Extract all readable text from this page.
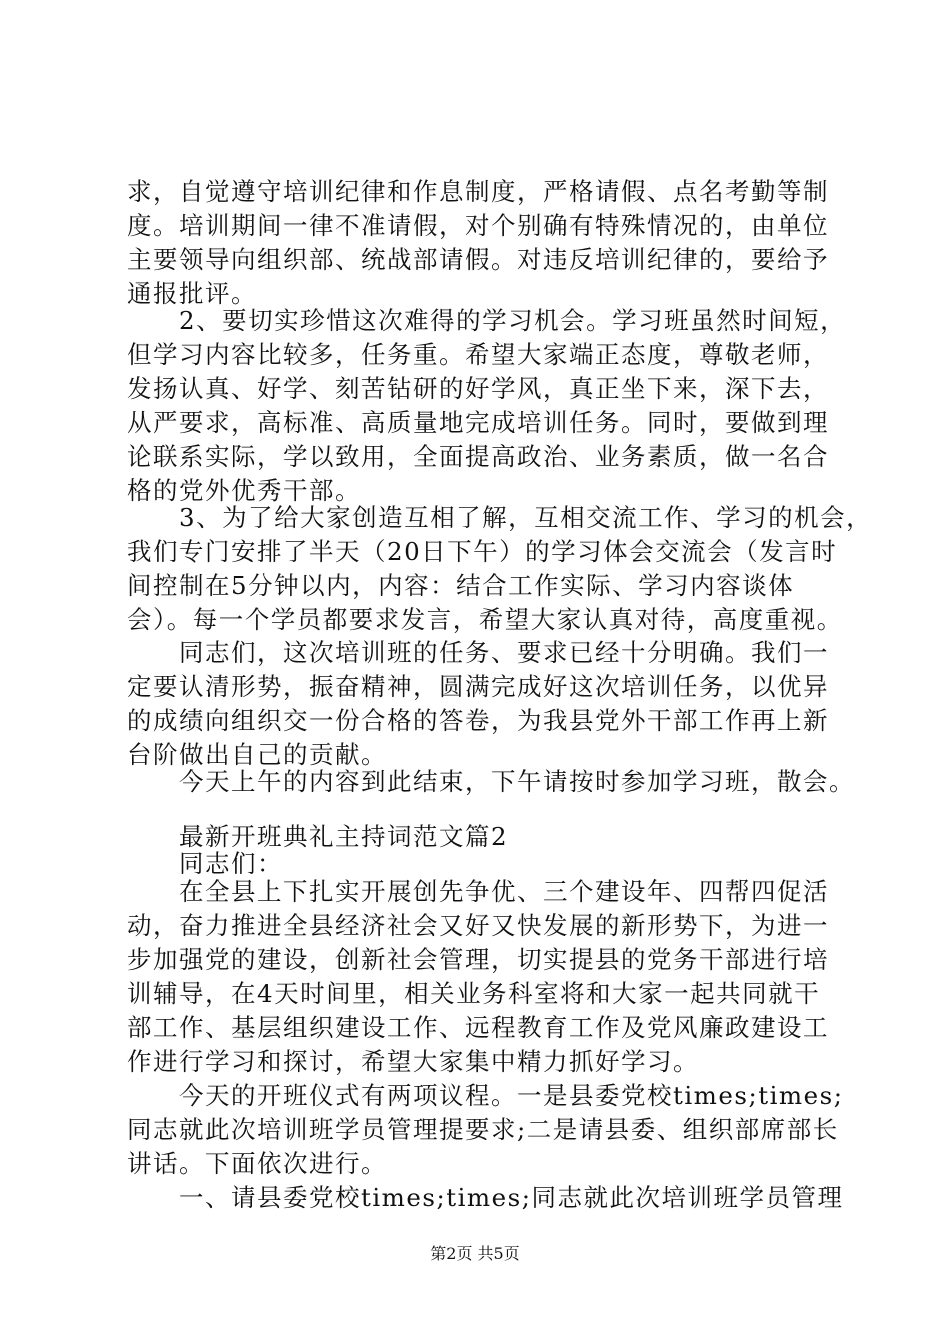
求，自觉遵守培训纪律和作息制度，严格请假、点名考勤等制
度。培训期间一律不准请假，对个别确有特殊情况的，由单位
主要领导向组织部、统战部请假。对违反培训纪律的，要给予
通报批评。
　　2、要切实珍惜这次难得的学习机会。学习班虽然时间短，
但学习内容比较多，任务重。希望大家端正态度，尊敬老师，
发扬认真、好学、刻苦钻研的好学风，真正坐下来，深下去，
从严要求，高标准、高质量地完成培训任务。同时，要做到理
论联系实际，学以致用，全面提高政治、业务素质，做一名合
格的党外优秀干部。
　　3、为了给大家创造互相了解，互相交流工作、学习的机会，
我们专门安排了半天（20日下午）的学习体会交流会（发言时
间控制在5分钟以内，内容：结合工作实际、学习内容谈体
会）。每一个学员都要求发言，希望大家认真对待，高度重视。
　　同志们，这次培训班的任务、要求已经十分明确。我们一
定要认清形势，振奋精神，圆满完成好这次培训任务，以优异
的成绩向组织交一份合格的答卷，为我县党外干部工作再上新
台阶做出自己的贡献。
　　今天上午的内容到此结束，下午请按时参加学习班，散会。
　　最新开班典礼主持词范文篇2
　　同志们：
　　在全县上下扎实开展创先争优、三个建设年、四帮四促活
动，奋力推进全县经济社会又好又快发展的新形势下，为进一
步加强党的建设，创新社会管理，切实提县的党务干部进行培
训辅导，在4天时间里，相关业务科室将和大家一起共同就干
部工作、基层组织建设工作、远程教育工作及党风廉政建设工
作进行学习和探讨，希望大家集中精力抓好学习。
　　今天的开班仪式有两项议程。一是县委党校times;times;
同志就此次培训班学员管理提要求;二是请县委、组织部席部长
讲话。下面依次进行。
　　一、请县委党校times;times;同志就此次培训班学员管理
第2页 共5页
